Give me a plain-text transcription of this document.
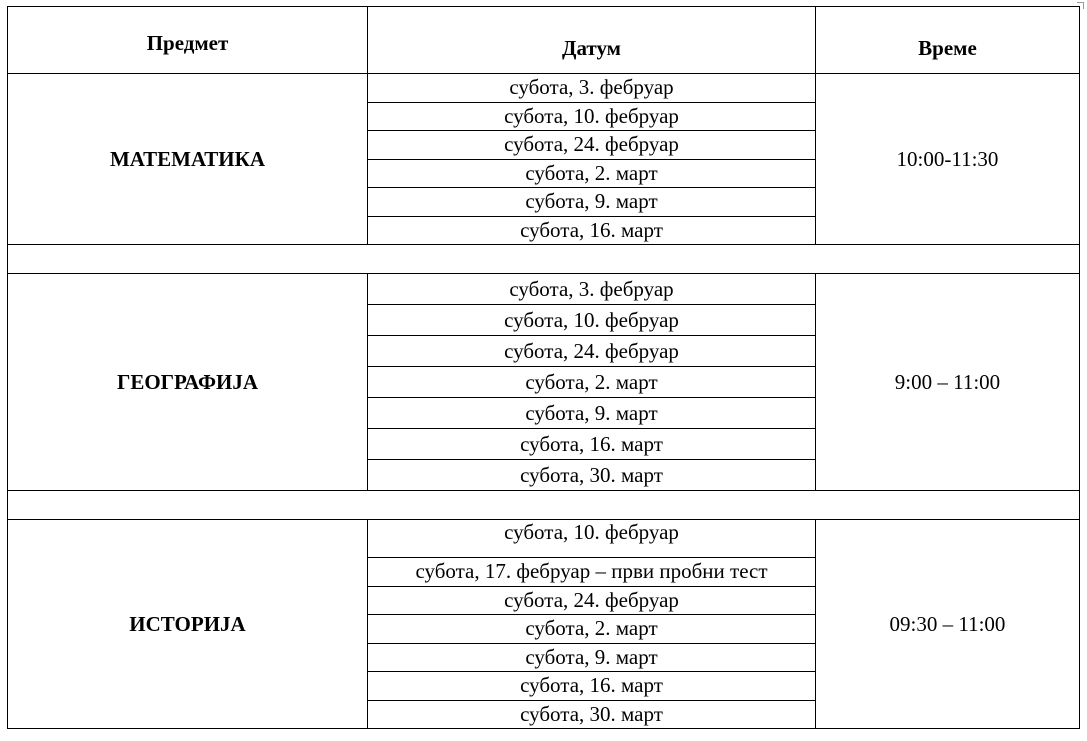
Предмет	Датум	Време
МАТЕМАТИКА	субота, 3. фебруар	10:00-11:30
	субота, 10. фебруар	
	субота, 24. фебруар	
	субота, 2. март	
	субота, 9. март	
	субота, 16. март	

ГЕОГРАФИЈА	субота, 3. фебруар	9:00 – 11:00
	субота, 10. фебруар	
	субота, 24. фебруар	
	субота, 2. март	
	субота, 9. март	
	субота, 16. март	
	субота, 30. март	

ИСТОРИЈА	субота, 10. фебруар	09:30 – 11:00
	субота, 17. фебруар – први пробни тест	
	субота, 24. фебруар	
	субота, 2. март	
	субота, 9. март	
	субота, 16. март	
	субота, 30. март	
